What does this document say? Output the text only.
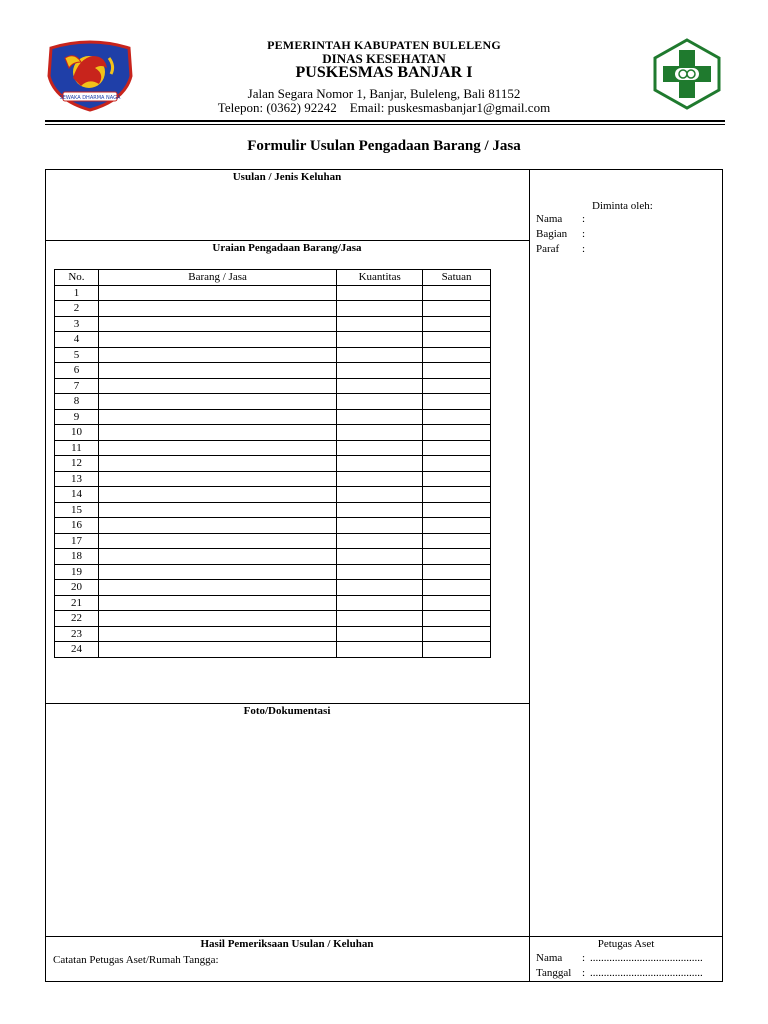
SEWAKA DHARMA NAGA
PEMERINTAH KABUPATEN BULELENG
DINAS KESEHATAN
PUSKESMAS BANJAR I
Jalan Segara Nomor 1, Banjar, Buleleng, Bali 81152
Telepon: (0362) 92242    Email: puskesmasbanjar1@gmail.com
Formulir Usulan Pengadaan Barang / Jasa
Usulan / Jenis Keluhan
Uraian Pengadaan Barang/Jasa
Foto/Dokumentasi
Hasil Pemeriksaan Usulan / Keluhan
Catatan Petugas Aset/Rumah Tangga:
Diminta oleh:
Nama :
Bagian :
Paraf :
Petugas Aset
Nama : .........................................
Tanggal : .........................................
No.	Barang / Jasa	Kuantitas	Satuan
1			
2			
3			
4			
5			
6			
7			
8			
9			
10			
11			
12			
13			
14			
15			
16			
17			
18			
19			
20			
21			
22			
23			
24			
